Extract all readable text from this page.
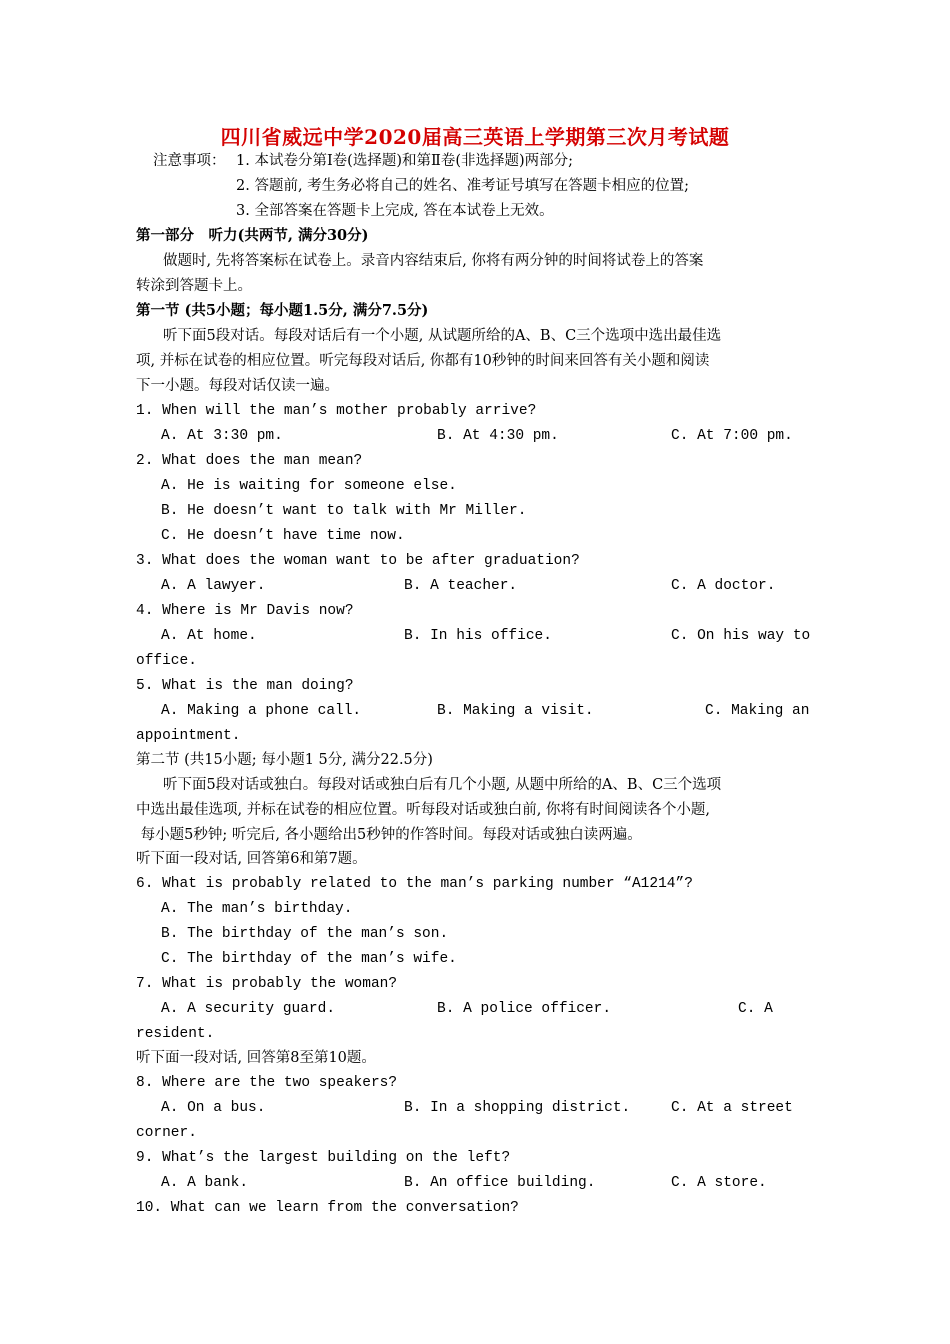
四川省威远中学2020届高三英语上学期第三次月考试题
注意事项： 1. 本试卷分第Ⅰ卷(选择题)和第Ⅱ卷(非选择题)两部分;
2. 答题前, 考生务必将自己的姓名、准考证号填写在答题卡相应的位置;
3. 全部答案在答题卡上完成, 答在本试卷上无效。
第一部分　听力(共两节, 满分30分)
做题时, 先将答案标在试卷上。录音内容结束后, 你将有两分钟的时间将试卷上的答案
转涂到答题卡上。
第一节 (共5小题；每小题1.5分, 满分7.5分)
听下面5段对话。每段对话后有一个小题, 从试题所给的A、B、C三个选项中选出最佳选
项, 并标在试卷的相应位置。听完每段对话后, 你都有10秒钟的时间来回答有关小题和阅读
下一小题。每段对话仅读一遍。
1. When will the man’s mother probably arrive?
A. At 3:30 pm.	B. At 4:30 pm.	C. At 7:00 pm.
2. What does the man mean?
A. He is waiting for someone else.
B. He doesn’t want to talk with Mr Miller.
C. He doesn’t have time now.
3. What does the woman want to be after graduation?
A. A lawyer.	B. A teacher.	C. A doctor.
4. Where is Mr Davis now?
A. At home.	B. In his office.	C. On his way to
office.
5. What is the man doing?
A. Making a phone call.	B. Making a visit.	C. Making an
appointment.
第二节 (共15小题; 每小题1 5分, 满分22.5分)
听下面5段对话或独白。每段对话或独白后有几个小题, 从题中所给的A、B、C三个选项
中选出最佳选项, 并标在试卷的相应位置。听每段对话或独白前, 你将有时间阅读各个小题,
每小题5秒钟; 听完后, 各小题给出5秒钟的作答时间。每段对话或独白读两遍。
听下面一段对话, 回答第6和第7题。
6. What is probably related to the man’s parking number “A1214”?
A. The man’s birthday.
B. The birthday of the man’s son.
C. The birthday of the man’s wife.
7. What is probably the woman?
A. A security guard.	B. A police officer.	C. A
resident.
听下面一段对话, 回答第8至第10题。
8. Where are the two speakers?
A. On a bus.	B. In a shopping district.	C. At a street
corner.
9. What’s the largest building on the left?
A. A bank.	B. An office building.	C. A store.
10. What can we learn from the conversation?
